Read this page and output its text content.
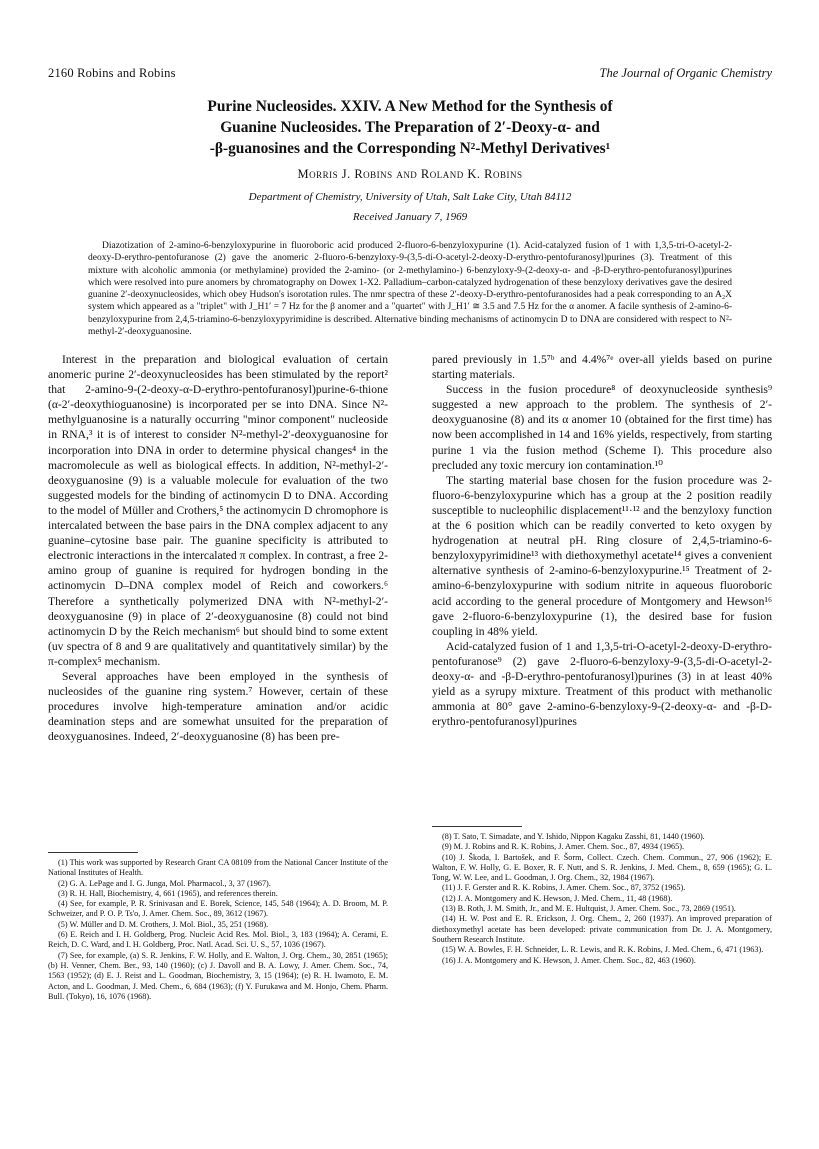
2160 Robins and Robins	The Journal of Organic Chemistry
Purine Nucleosides. XXIV. A New Method for the Synthesis of
Guanine Nucleosides. The Preparation of 2′-Deoxy-α- and
-β-guanosines and the Corresponding N²-Methyl Derivatives¹
Morris J. Robins and Roland K. Robins
Department of Chemistry, University of Utah, Salt Lake City, Utah 84112
Received January 7, 1969

Diazotization of 2-amino-6-benzyloxypurine in fluoroboric acid produced 2-fluoro-6-benzyloxypurine (1). Acid-catalyzed fusion of 1 with 1,3,5-tri-O-acetyl-2-deoxy-D-erythro-pentofuranose (2) gave the anomeric 2-fluoro-6-benzyloxy-9-(3,5-di-O-acetyl-2-deoxy-D-erythro-pentofuranosyl)purines (3). Treatment of this mixture with alcoholic ammonia (or methylamine) provided the 2-amino- (or 2-methylamino-) 6-benzyloxy-9-(2-deoxy-α- and -β-D-erythro-pentofuranosyl)purines which were resolved into pure anomers by chromatography on Dowex 1-X2. Palladium–carbon-catalyzed hydrogenation of these benzyloxy derivatives gave the desired guanine 2′-deoxynucleosides, which obey Hudson's isorotation rules. The nmr spectra of these 2′-deoxy-D-erythro-pentofuranosides had a peak corresponding to an A₂X system which appeared as a "triplet" with J_H1′ = 7 Hz for the β anomer and a "quartet" with J_H1′ ≅ 3.5 and 7.5 Hz for the α anomer. A facile synthesis of 2-amino-6-benzyloxypurine from 2,4,5-triamino-6-benzyloxypyrimidine is described. Alternative binding mechanisms of actinomycin D to DNA are considered with respect to N²-methyl-2′-deoxyguanosine.

Interest in the preparation and biological evaluation of certain anomeric purine 2′-deoxynucleosides has been stimulated by the report² that 2-amino-9-(2-deoxy-α-D-erythro-pentofuranosyl)purine-6-thione (α-2′-deoxythioguanosine) is incorporated per se into DNA. Since N²-methylguanosine is a naturally occurring "minor component" nucleoside in RNA,³ it is of interest to consider N²-methyl-2′-deoxyguanosine for incorporation into DNA in order to determine physical changes⁴ in the macromolecule as well as biological effects. In addition, N²-methyl-2′-deoxyguanosine (9) is a valuable molecule for evaluation of the two suggested models for the binding of actinomycin D to DNA. According to the model of Müller and Crothers,⁵ the actinomycin D chromophore is intercalated between the base pairs in the DNA complex adjacent to any guanine–cytosine base pair. The guanine specificity is attributed to electronic interactions in the intercalated π complex. In contrast, a free 2-amino group of guanine is required for hydrogen bonding in the actinomycin D–DNA complex model of Reich and coworkers.⁶ Therefore a synthetically polymerized DNA with N²-methyl-2′-deoxyguanosine (9) in place of 2′-deoxyguanosine (8) could not bind actinomycin D by the Reich mechanism⁶ but should bind to some extent (uv spectra of 8 and 9 are qualitatively and quantitatively similar) by the π-complex⁵ mechanism.

Several approaches have been employed in the synthesis of nucleosides of the guanine ring system.⁷ However, certain of these procedures involve high-temperature amination and/or acidic deamination steps and are somewhat unsuited for the preparation of deoxyguanosines. Indeed, 2′-deoxyguanosine (8) has been pre-

pared previously in 1.5⁷ᵇ and 4.4%⁷ᵉ over-all yields based on purine starting materials.

Success in the fusion procedure⁸ of deoxynucleoside synthesis⁹ suggested a new approach to the problem. The synthesis of 2′-deoxyguanosine (8) and its α anomer 10 (obtained for the first time) has now been accomplished in 14 and 16% yields, respectively, from starting purine 1 via the fusion method (Scheme I). This procedure also precluded any toxic mercury ion contamination.¹⁰

The starting material base chosen for the fusion procedure was 2-fluoro-6-benzyloxypurine which has a group at the 2 position readily susceptible to nucleophilic displacement¹¹·¹² and the benzyloxy function at the 6 position which can be readily converted to keto oxygen by hydrogenation at neutral pH. Ring closure of 2,4,5-triamino-6-benzyloxypyrimidine¹³ with diethoxymethyl acetate¹⁴ gives a convenient alternative synthesis of 2-amino-6-benzyloxypurine.¹⁵ Treatment of 2-amino-6-benzyloxypurine with sodium nitrite in aqueous fluoroboric acid according to the general procedure of Montgomery and Hewson¹⁶ gave 2-fluoro-6-benzyloxypurine (1), the desired base for fusion coupling in 48% yield.

Acid-catalyzed fusion of 1 and 1,3,5-tri-O-acetyl-2-deoxy-D-erythro-pentofuranose⁹ (2) gave 2-fluoro-6-benzyloxy-9-(3,5-di-O-acetyl-2-deoxy-α- and -β-D-erythro-pentofuranosyl)purines (3) in at least 40% yield as a syrupy mixture. Treatment of this product with methanolic ammonia at 80° gave 2-amino-6-benzyloxy-9-(2-deoxy-α- and -β-D-erythro-pentofuranosyl)purines

(1) This work was supported by Research Grant CA 08109 from the National Cancer Institute of the National Institutes of Health.
(2) G. A. LePage and I. G. Junga, Mol. Pharmacol., 3, 37 (1967).
(3) R. H. Hall, Biochemistry, 4, 661 (1965), and references therein.
(4) See, for example, P. R. Srinivasan and E. Borek, Science, 145, 548 (1964); A. D. Broom, M. P. Schweizer, and P. O. P. Ts'o, J. Amer. Chem. Soc., 89, 3612 (1967).
(5) W. Müller and D. M. Crothers, J. Mol. Biol., 35, 251 (1968).
(6) E. Reich and I. H. Goldberg, Prog. Nucleic Acid Res. Mol. Biol., 3, 183 (1964); A. Cerami, E. Reich, D. C. Ward, and I. H. Goldberg, Proc. Natl. Acad. Sci. U. S., 57, 1036 (1967).
(7) See, for example, (a) S. R. Jenkins, F. W. Holly, and E. Walton, J. Org. Chem., 30, 2851 (1965); (b) H. Venner, Chem. Ber., 93, 140 (1960); (c) J. Davoll and B. A. Lowy, J. Amer. Chem. Soc., 74, 1563 (1952); (d) E. J. Reist and L. Goodman, Biochemistry, 3, 15 (1964); (e) R. H. Iwamoto, E. M. Acton, and L. Goodman, J. Med. Chem., 6, 684 (1963); (f) Y. Furukawa and M. Honjo, Chem. Pharm. Bull. (Tokyo), 16, 1076 (1968).
(8) T. Sato, T. Simadate, and Y. Ishido, Nippon Kagaku Zasshi, 81, 1440 (1960).
(9) M. J. Robins and R. K. Robins, J. Amer. Chem. Soc., 87, 4934 (1965).
(10) J. Škoda, I. Bartošek, and F. Šorm, Collect. Czech. Chem. Commun., 27, 906 (1962); E. Walton, F. W. Holly, G. E. Boxer, R. F. Nutt, and S. R. Jenkins, J. Med. Chem., 8, 659 (1965); G. L. Tong, W. W. Lee, and L. Goodman, J. Org. Chem., 32, 1984 (1967).
(11) J. F. Gerster and R. K. Robins, J. Amer. Chem. Soc., 87, 3752 (1965).
(12) J. A. Montgomery and K. Hewson, J. Med. Chem., 11, 48 (1968).
(13) B. Roth, J. M. Smith, Jr., and M. E. Hultquist, J. Amer. Chem. Soc., 73, 2869 (1951).
(14) H. W. Post and E. R. Erickson, J. Org. Chem., 2, 260 (1937). An improved preparation of diethoxymethyl acetate has been developed: private communication from Dr. J. A. Montgomery, Southern Research Institute.
(15) W. A. Bowles, F. H. Schneider, L. R. Lewis, and R. K. Robins, J. Med. Chem., 6, 471 (1963).
(16) J. A. Montgomery and K. Hewson, J. Amer. Chem. Soc., 82, 463 (1960).
